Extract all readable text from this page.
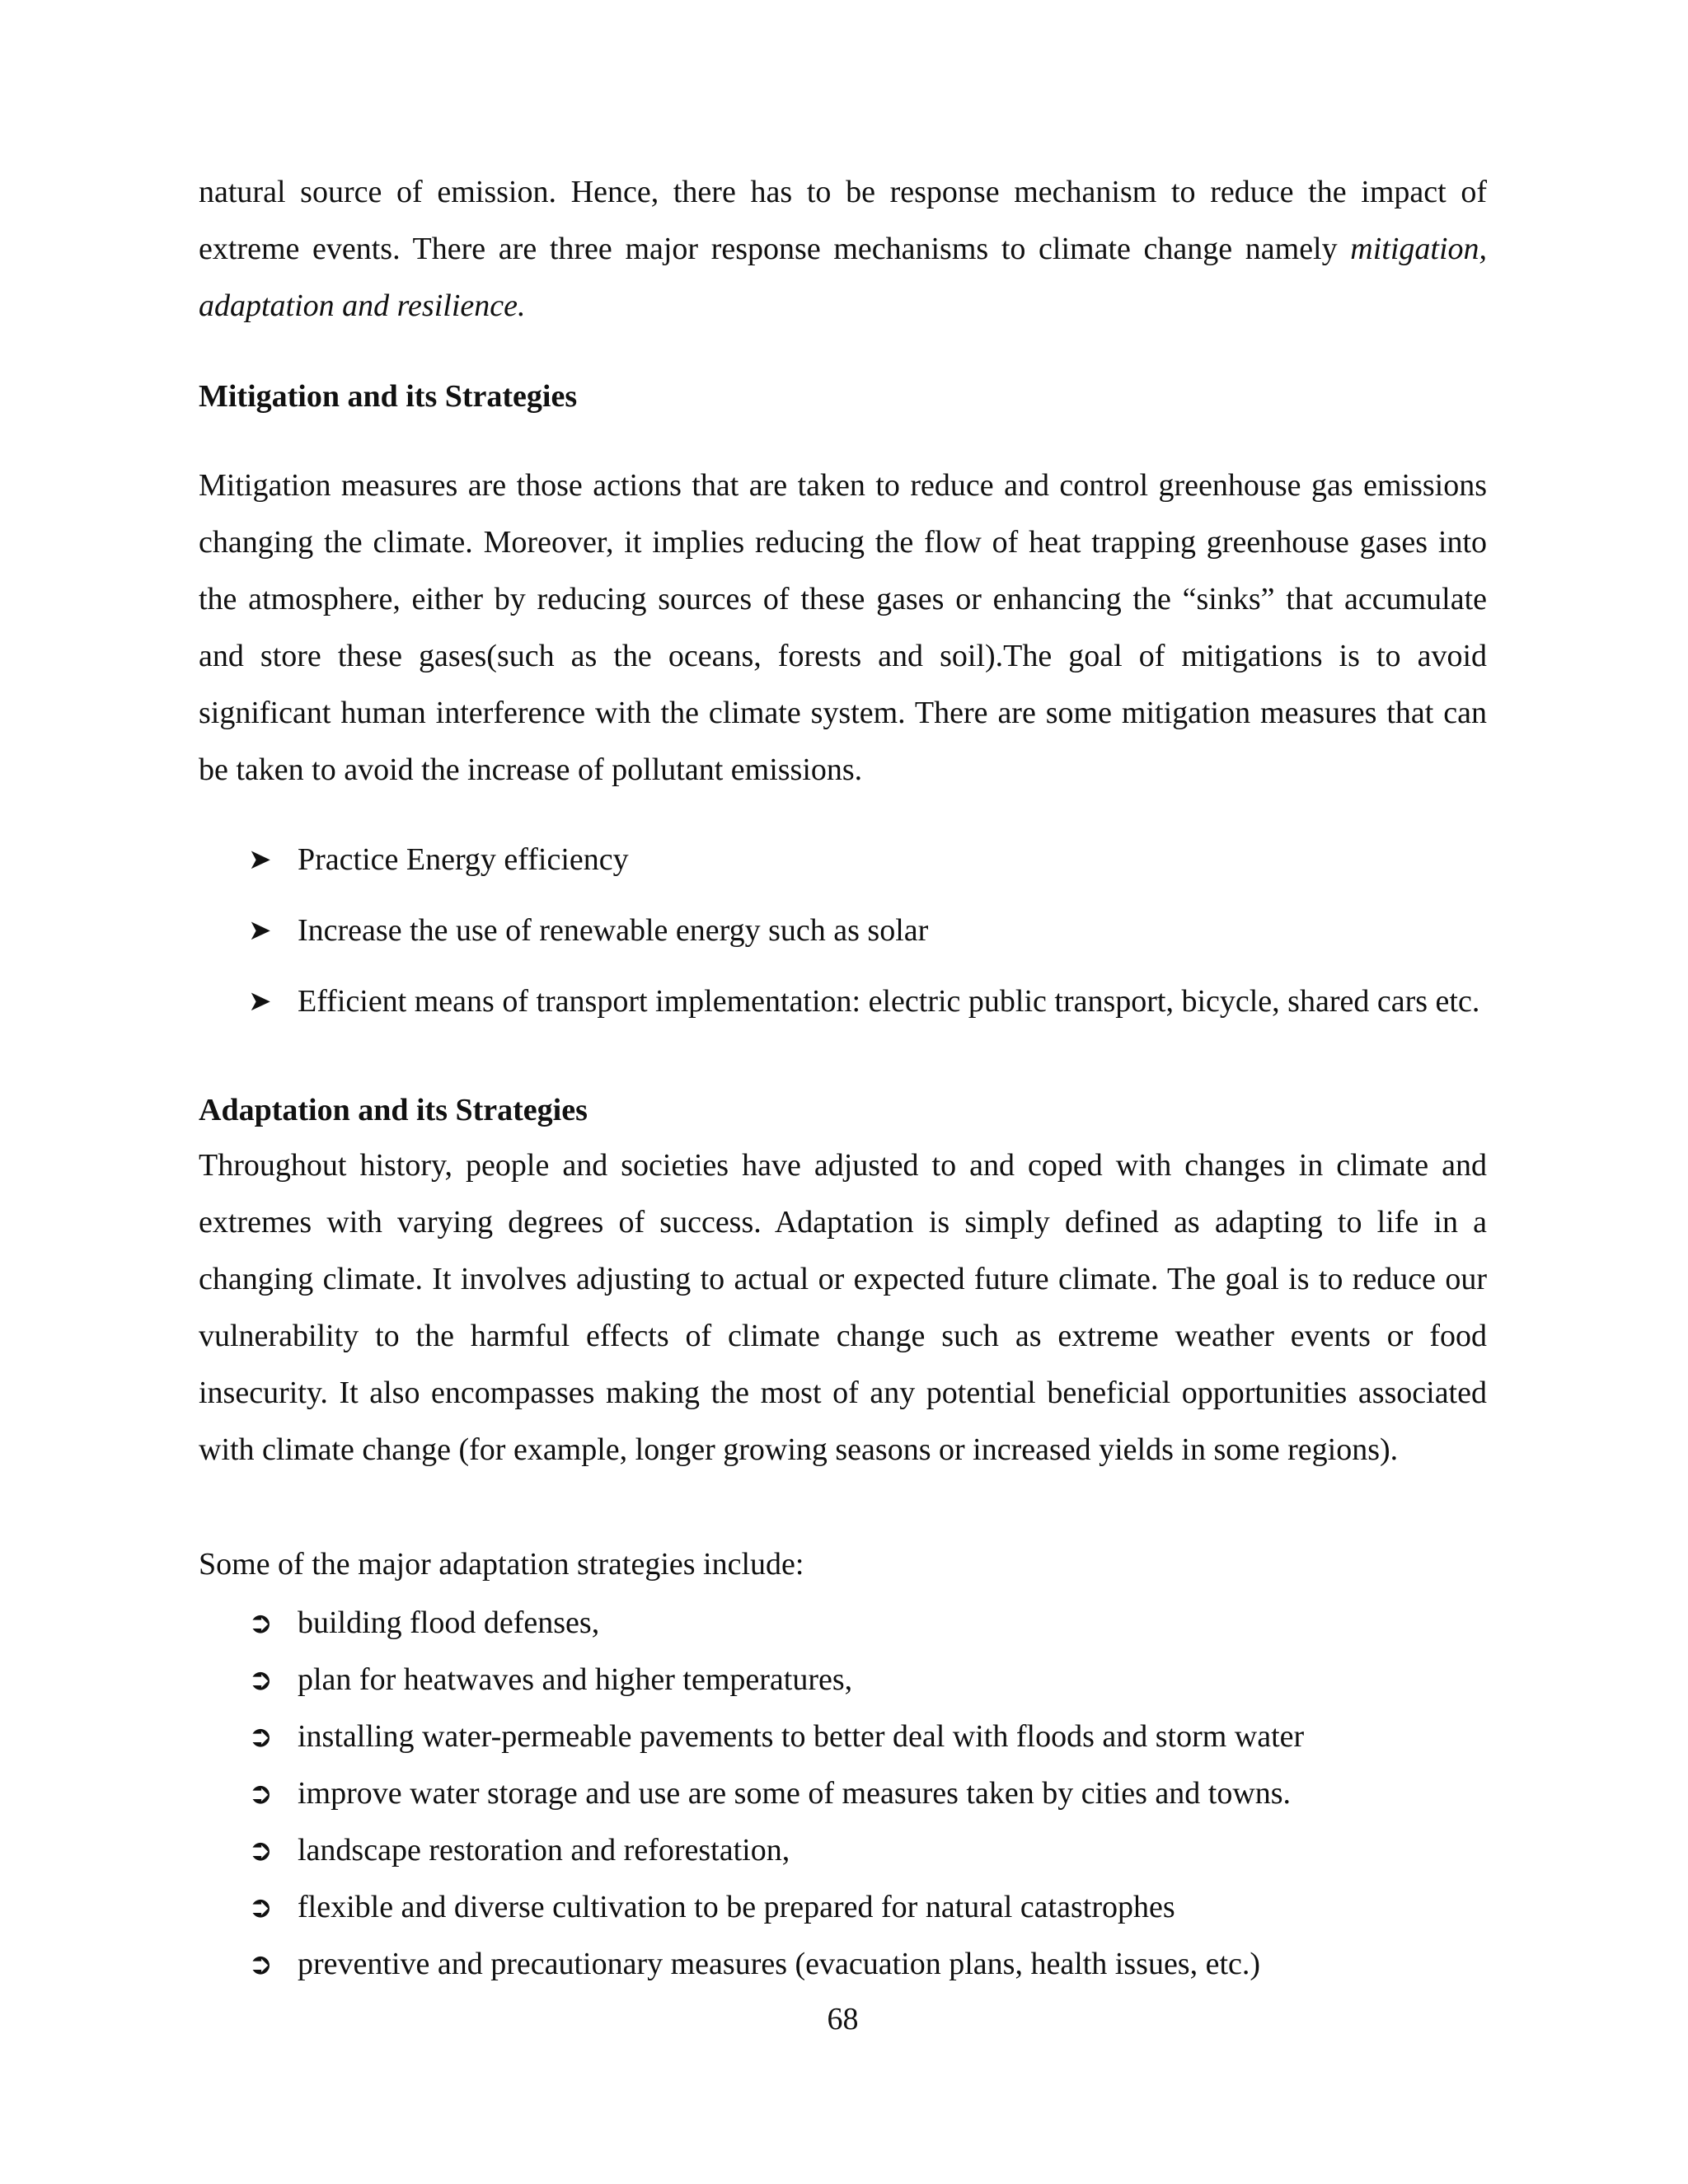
natural source of emission. Hence, there has to be response mechanism to reduce the impact of extreme events. There are three major response mechanisms to climate change namely mitigation, adaptation and resilience.

Mitigation and its Strategies

Mitigation measures are those actions that are taken to reduce and control greenhouse gas emissions changing the climate. Moreover, it implies reducing the flow of heat trapping greenhouse gases into the atmosphere, either by reducing sources of these gases or enhancing the “sinks” that accumulate and store these gases(such as the oceans, forests and soil).The goal of mitigations is to avoid significant human interference with the climate system. There are some mitigation measures that can be taken to avoid the increase of pollutant emissions.

➤ Practice Energy efficiency
➤ Increase the use of renewable energy such as solar
➤ Efficient means of transport implementation: electric public transport, bicycle, shared cars etc.

Adaptation and its Strategies

Throughout history, people and societies have adjusted to and coped with changes in climate and extremes with varying degrees of success. Adaptation is simply defined as adapting to life in a changing climate. It involves adjusting to actual or expected future climate. The goal is to reduce our vulnerability to the harmful effects of climate change such as extreme weather events or food insecurity. It also encompasses making the most of any potential beneficial opportunities associated with climate change (for example, longer growing seasons or increased yields in some regions).

Some of the major adaptation strategies include:

➲ building flood defenses,
➲ plan for heatwaves and higher temperatures,
➲ installing water-permeable pavements to better deal with floods and storm water
➲ improve water storage and use are some of measures taken by cities and towns.
➲ landscape restoration and reforestation,
➲ flexible and diverse cultivation to be prepared for natural catastrophes
➲ preventive and precautionary measures (evacuation plans, health issues, etc.)

68
